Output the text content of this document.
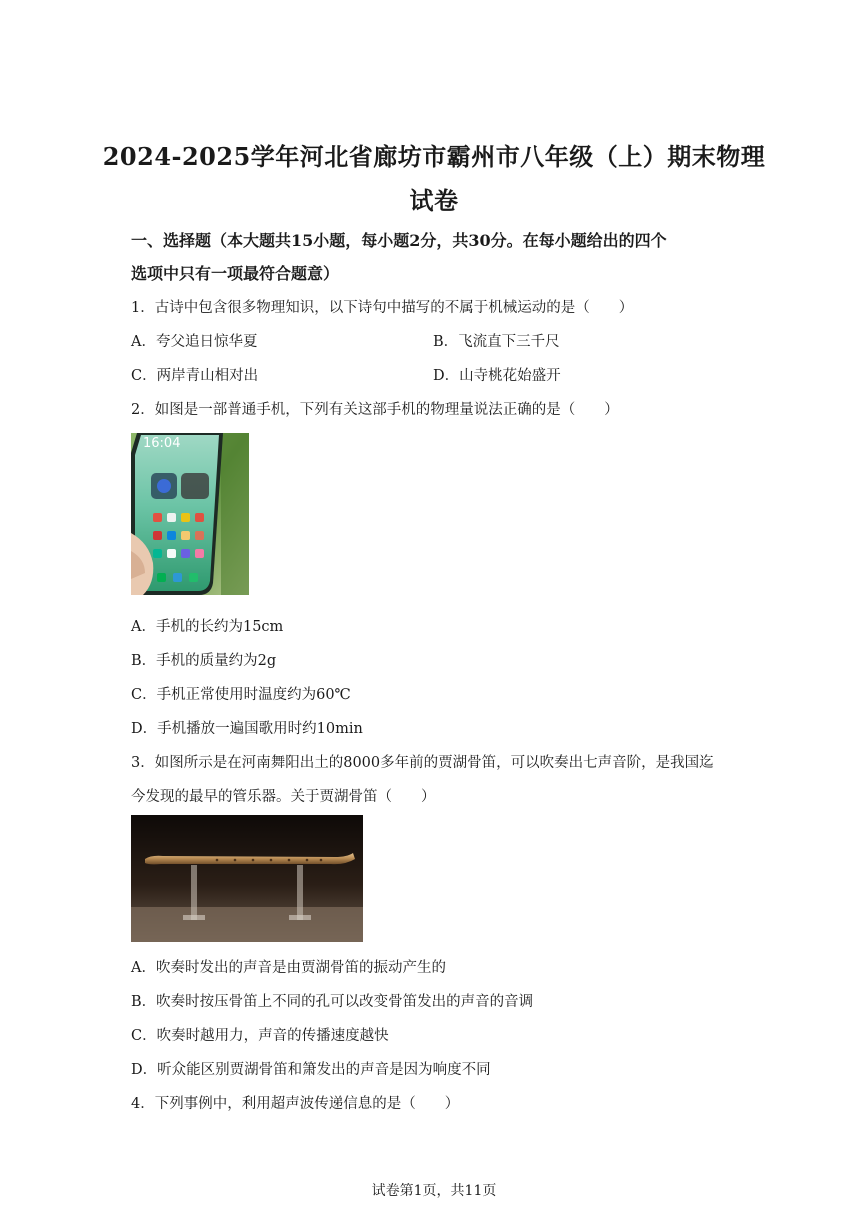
2024-2025学年河北省廊坊市霸州市八年级（上）期末物理
试卷
一、选择题（本大题共15小题，每小题2分，共30分。在每小题给出的四个
选项中只有一项最符合题意）
1．古诗中包含很多物理知识，以下诗句中描写的不属于机械运动的是（　　）
A．夸父追日惊华夏	B．飞流直下三千尺
C．两岸青山相对出	D．山寺桃花始盛开
2．如图是一部普通手机，下列有关这部手机的物理量说法正确的是（　　）
16:04
A．手机的长约为15cm
B．手机的质量约为2g
C．手机正常使用时温度约为60℃
D．手机播放一遍国歌用时约10min
3．如图所示是在河南舞阳出土的8000多年前的贾湖骨笛，可以吹奏出七声音阶，是我国迄
今发现的最早的管乐器。关于贾湖骨笛（　　）
A．吹奏时发出的声音是由贾湖骨笛的振动产生的
B．吹奏时按压骨笛上不同的孔可以改变骨笛发出的声音的音调
C．吹奏时越用力，声音的传播速度越快
D．听众能区别贾湖骨笛和箫发出的声音是因为响度不同
4．下列事例中，利用超声波传递信息的是（　　）
试卷第1页，共11页
